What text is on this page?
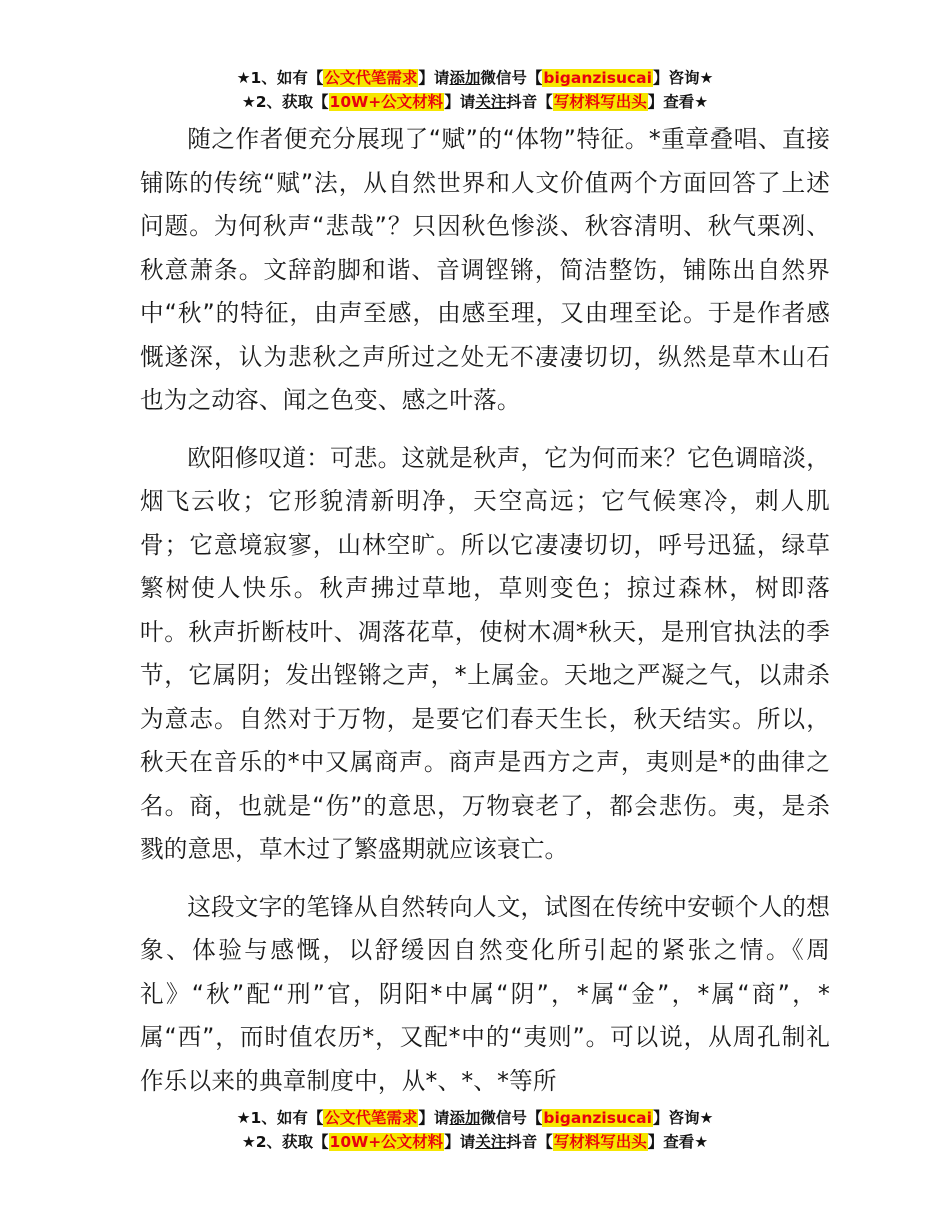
★1、如有【公文代笔需求】请添加微信号【biganzisucai】咨询★
★2、获取【10W+公文材料】请关注抖音【写材料写出头】查看★

随之作者便充分展现了“赋”的“体物”特征。*重章叠唱、直接铺陈的传统“赋”法，从自然世界和人文价值两个方面回答了上述问题。为何秋声“悲哉”？只因秋色惨淡、秋容清明、秋气栗冽、秋意萧条。文辞韵脚和谐、音调铿锵，简洁整饬，铺陈出自然界中“秋”的特征，由声至感，由感至理，又由理至论。于是作者感慨遂深，认为悲秋之声所过之处无不凄凄切切，纵然是草木山石也为之动容、闻之色变、感之叶落。

欧阳修叹道：可悲。这就是秋声，它为何而来？它色调暗淡，烟飞云收；它形貌清新明净，天空高远；它气候寒冷，刺人肌骨；它意境寂寥，山林空旷。所以它凄凄切切，呼号迅猛，绿草繁树使人快乐。秋声拂过草地，草则变色；掠过森林，树即落叶。秋声折断枝叶、凋落花草，使树木凋*秋天，是刑官执法的季节，它属阴；发出铿锵之声，*上属金。天地之严凝之气，以肃杀为意志。自然对于万物，是要它们春天生长，秋天结实。所以，秋天在音乐的*中又属商声。商声是西方之声，夷则是*的曲律之名。商，也就是“伤”的意思，万物衰老了，都会悲伤。夷，是杀戮的意思，草木过了繁盛期就应该衰亡。

这段文字的笔锋从自然转向人文，试图在传统中安顿个人的想象、体验与感慨，以舒缓因自然变化所引起的紧张之情。《周礼》“秋”配“刑”官，阴阳*中属“阴”，*属“金”，*属“商”，*属“西”，而时值农历*，又配*中的“夷则”。可以说，从周孔制礼作乐以来的典章制度中，从*、*、*等所

★1、如有【公文代笔需求】请添加微信号【biganzisucai】咨询★
★2、获取【10W+公文材料】请关注抖音【写材料写出头】查看★
